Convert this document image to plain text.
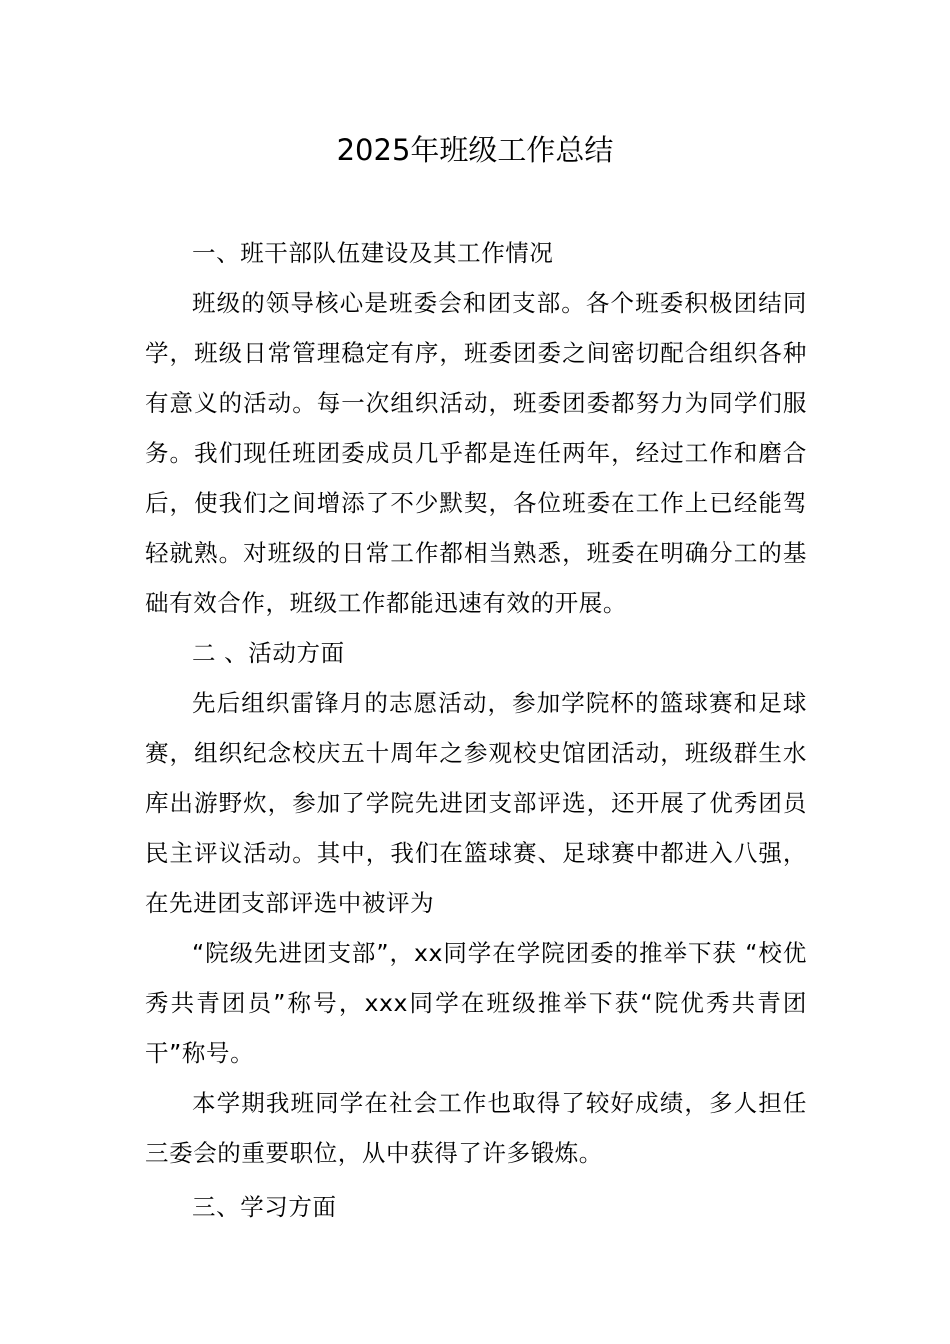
2025年班级工作总结

一、班干部队伍建设及其工作情况

班级的领导核心是班委会和团支部。各个班委积极团结同学，班级日常管理稳定有序，班委团委之间密切配合组织各种有意义的活动。每一次组织活动，班委团委都努力为同学们服务。我们现任班团委成员几乎都是连任两年，经过工作和磨合后，使我们之间增添了不少默契，各位班委在工作上已经能驾轻就熟。对班级的日常工作都相当熟悉，班委在明确分工的基础有效合作，班级工作都能迅速有效的开展。

二 、活动方面

先后组织雷锋月的志愿活动，参加学院杯的篮球赛和足球赛，组织纪念校庆五十周年之参观校史馆团活动，班级群生水库出游野炊，参加了学院先进团支部评选，还开展了优秀团员民主评议活动。其中，我们在篮球赛、足球赛中都进入八强，在先进团支部评选中被评为

“院级先进团支部”，xx同学在学院团委的推举下获 “校优秀共青团员”称号，xxx同学在班级推举下获“院优秀共青团干”称号。

本学期我班同学在社会工作也取得了较好成绩，多人担任三委会的重要职位，从中获得了许多锻炼。

三、学习方面
